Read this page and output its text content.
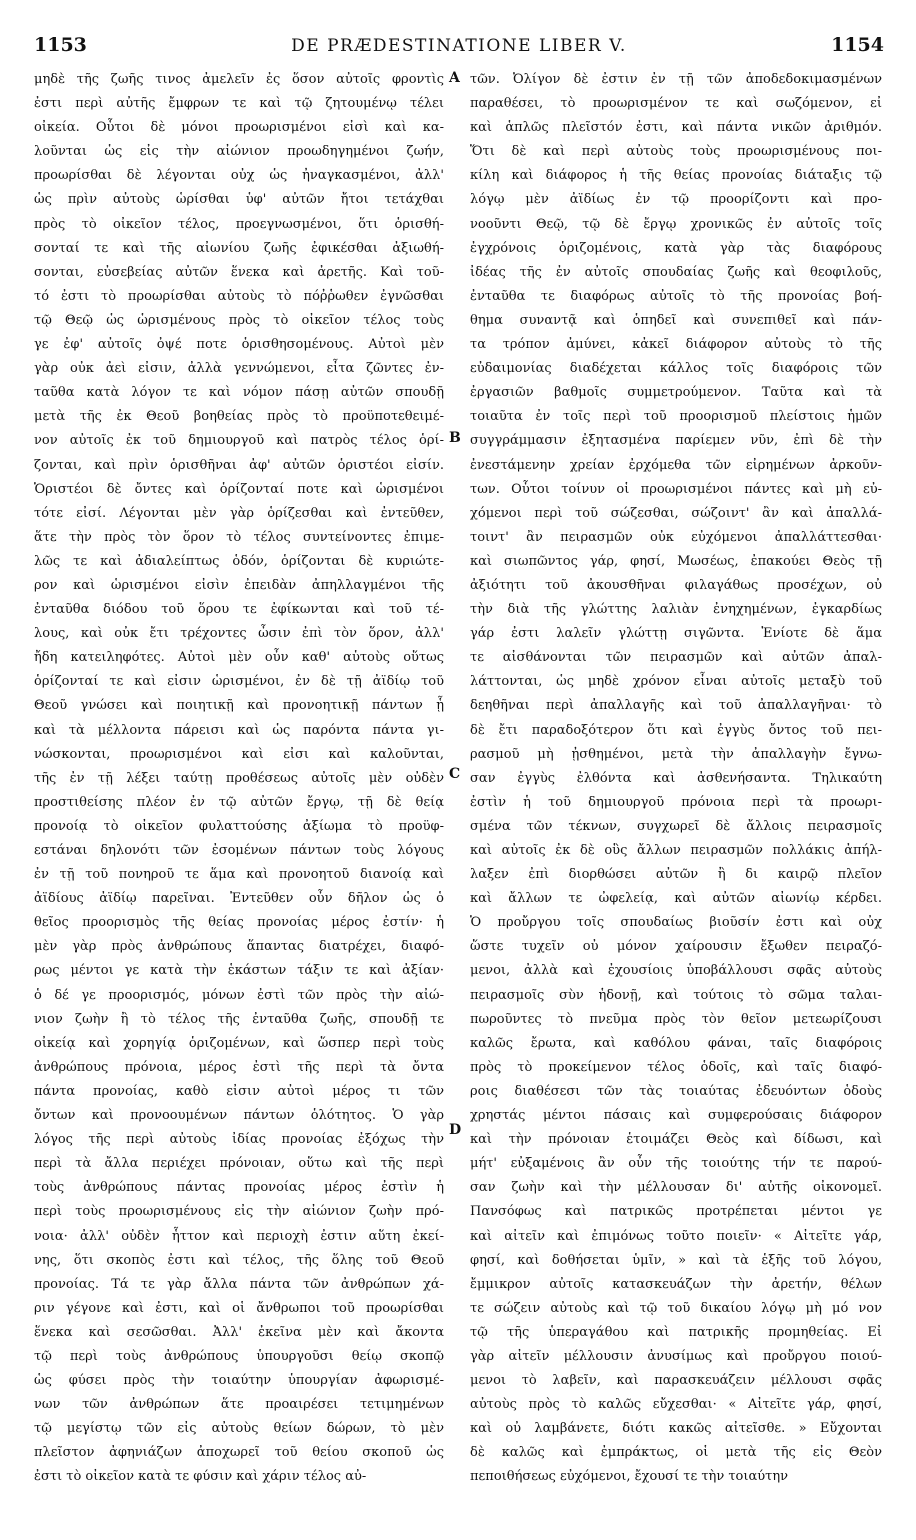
1153	DE PRÆDESTINATIONE LIBER V.	1154
μηδὲ τῆς ζωῆς τινος ἀμελεῖν ἐς ὅσον αὐτοῖς φροντὶς
ἐστι περὶ αὐτῆς ἔμφρων τε καὶ τῷ ζητουμένῳ τέλει
οἰκεία. Οὗτοι δὲ μόνοι προωρισμένοι εἰσὶ καὶ κα-
λοῦνται ὡς εἰς τὴν αἰώνιον προωδηγημένοι ζωήν,
προωρίσθαι δὲ λέγονται οὐχ ὡς ἠναγκασμένοι, ἀλλ'
ὡς πρὶν αὐτοὺς ὡρίσθαι ὑφ' αὐτῶν ἤτοι τετάχθαι
πρὸς τὸ οἰκεῖον τέλος, προεγνωσμένοι, ὅτι ὁρισθή-
σονταί τε καὶ τῆς αἰωνίου ζωῆς ἐφικέσθαι ἀξιωθή-
σονται, εὐσεβείας αὐτῶν ἕνεκα καὶ ἀρετῆς. Καὶ τοῦ-
τό ἐστι τὸ προωρίσθαι αὐτοὺς τὸ πόῤῥωθεν ἐγνῶσθαι
τῷ Θεῷ ὡς ὡρισμένους πρὸς τὸ οἰκεῖον τέλος τοὺς
γε ἐφ' αὐτοῖς ὀψέ ποτε ὁρισθησομένους. Αὐτοὶ μὲν
γὰρ οὐκ ἀεὶ εἰσιν, ἀλλὰ γεννώμενοι, εἶτα ζῶντες ἐν-
ταῦθα κατὰ λόγον τε καὶ νόμον πάσῃ αὐτῶν σπουδῇ
μετὰ τῆς ἐκ Θεοῦ βοηθείας πρὸς τὸ προϋποτεθειμέ-
νον αὐτοῖς ἐκ τοῦ δημιουργοῦ καὶ πατρὸς τέλος ὁρί-
ζονται, καὶ πρὶν ὁρισθῆναι ἀφ' αὐτῶν ὁριστέοι εἰσίν.
Ὁριστέοι δὲ ὄντες καὶ ὁρίζονταί ποτε καὶ ὡρισμένοι
τότε εἰσί. Λέγονται μὲν γὰρ ὁρίζεσθαι καὶ ἐντεῦθεν,
ἅτε τὴν πρὸς τὸν ὅρον τὸ τέλος συντείνοντες ἐπιμε-
λῶς τε καὶ ἀδιαλείπτως ὁδόν, ὁρίζονται δὲ κυριώτε-
ρον καὶ ὡρισμένοι εἰσὶν ἐπειδὰν ἀπηλλαγμένοι τῆς
ἐνταῦθα διόδου τοῦ ὅρου τε ἐφίκωνται καὶ τοῦ τέ-
λους, καὶ οὐκ ἔτι τρέχοντες ὦσιν ἐπὶ τὸν ὅρον, ἀλλ'
ἤδη κατειληφότες. Αὐτοὶ μὲν οὖν καθ' αὑτοὺς οὕτως
ὁρίζονταί τε καὶ εἰσιν ὡρισμένοι, ἐν δὲ τῇ ἀϊδίῳ τοῦ
Θεοῦ γνώσει καὶ ποιητικῇ καὶ προνοητικῇ πάντων ᾗ
καὶ τὰ μέλλοντα πάρεισι καὶ ὡς παρόντα πάντα γι-
νώσκονται, προωρισμένοι καὶ εἰσι καὶ καλοῦνται,
τῆς ἐν τῇ λέξει ταύτῃ προθέσεως αὐτοῖς μὲν οὐδὲν
προστιθείσης πλέον ἐν τῷ αὐτῶν ἔργῳ, τῇ δὲ θείᾳ
προνοίᾳ τὸ οἰκεῖον φυλαττούσης ἀξίωμα τὸ προϋφ-
εστάναι δηλονότι τῶν ἐσομένων πάντων τοὺς λόγους
ἐν τῇ τοῦ πονηροῦ τε ἅμα καὶ προνοητοῦ διανοίᾳ καὶ
ἀϊδίους ἀϊδίῳ παρεῖναι. Ἐντεῦθεν οὖν δῆλον ὡς ὁ
θεῖος προορισμὸς τῆς θείας προνοίας μέρος ἐστίν· ἡ
μὲν γὰρ πρὸς ἀνθρώπους ἅπαντας διατρέχει, διαφό-
ρως μέντοι γε κατὰ τὴν ἑκάστων τάξιν τε καὶ ἀξίαν·
ὁ δέ γε προορισμός, μόνων ἐστὶ τῶν πρὸς τὴν αἰώ-
νιον ζωὴν ἢ τὸ τέλος τῆς ἐνταῦθα ζωῆς, σπουδῇ τε
οἰκείᾳ καὶ χορηγίᾳ ὁριζομένων, καὶ ὥσπερ περὶ τοὺς
ἀνθρώπους πρόνοια, μέρος ἐστὶ τῆς περὶ τὰ ὄντα
πάντα προνοίας, καθὸ εἰσιν αὐτοὶ μέρος τι τῶν
ὄντων καὶ προνοουμένων πάντων ὁλότητος. Ὁ γὰρ
λόγος τῆς περὶ αὐτοὺς ἰδίας προνοίας ἐξόχως τὴν
περὶ τὰ ἄλλα περιέχει πρόνοιαν, οὕτω καὶ τῆς περὶ
τοὺς ἀνθρώπους πάντας προνοίας μέρος ἐστὶν ἡ
περὶ τοὺς προωρισμένους εἰς τὴν αἰώνιον ζωὴν πρό-
νοια· ἀλλ' οὐδὲν ἧττον καὶ περιοχὴ ἐστιν αὕτη ἐκεί-
νης, ὅτι σκοπὸς ἐστι καὶ τέλος, τῆς ὅλης τοῦ Θεοῦ
προνοίας. Τά τε γὰρ ἄλλα πάντα τῶν ἀνθρώπων χά-
ριν γέγονε καὶ ἐστι, καὶ οἱ ἄνθρωποι τοῦ προωρίσθαι
ἕνεκα καὶ σεσῶσθαι. Ἀλλ' ἐκεῖνα μὲν καὶ ἄκοντα
τῷ περὶ τοὺς ἀνθρώπους ὑπουργοῦσι θείῳ σκοπῷ
ὡς φύσει πρὸς τὴν τοιαύτην ὑπουργίαν ἀφωρισμέ-
νων τῶν ἀνθρώπων ἅτε προαιρέσει τετιμημένων
τῷ μεγίστῳ τῶν εἰς αὐτοὺς θείων δώρων, τὸ μὲν
πλεῖστον ἀφηνιάζων ἀποχωρεῖ τοῦ θείου σκοποῦ ὡς
ἐστι τὸ οἰκεῖον κατὰ τε φύσιν καὶ χάριν τέλος αὐ-
τῶν. Ὀλίγον δὲ ἐστιν ἐν τῇ τῶν ἀποδεδοκιμασμένων
παραθέσει, τὸ προωρισμένον τε καὶ σωζόμενον, εἰ
καὶ ἁπλῶς πλεῖστόν ἐστι, καὶ πάντα νικῶν ἀριθμόν.
Ὅτι δὲ καὶ περὶ αὐτοὺς τοὺς προωρισμένους ποι-
κίλη καὶ διάφορος ἡ τῆς θείας προνοίας διάταξις τῷ
λόγῳ μὲν ἀϊδίως ἐν τῷ προορίζοντι καὶ προ-
νοοῦντι Θεῷ, τῷ δὲ ἔργῳ χρονικῶς ἐν αὐτοῖς τοῖς
ἐγχρόνοις ὁριζομένοις, κατὰ γὰρ τὰς διαφόρους
ἰδέας τῆς ἐν αὐτοῖς σπουδαίας ζωῆς καὶ θεοφιλοῦς,
ἐνταῦθα τε διαφόρως αὐτοῖς τὸ τῆς προνοίας βοή-
θημα συναντᾷ καὶ ὁπηδεῖ καὶ συνεπιθεῖ καὶ πάν-
τα τρόπον ἀμύνει, κἀκεῖ διάφορον αὐτοὺς τὸ τῆς
εὐδαιμονίας διαδέχεται κάλλος τοῖς διαφόροις τῶν
ἐργασιῶν βαθμοῖς συμμετρούμενον. Ταῦτα καὶ τὰ
τοιαῦτα ἐν τοῖς περὶ τοῦ προορισμοῦ πλείστοις ἡμῶν
συγγράμμασιν ἐξητασμένα παρίεμεν νῦν, ἐπὶ δὲ τὴν
ἐνεστάμενην χρείαν ἐρχόμεθα τῶν εἰρημένων ἀρκοῦν-
των. Οὗτοι τοίνυν οἱ προωρισμένοι πάντες καὶ μὴ εὐ-
χόμενοι περὶ τοῦ σώζεσθαι, σώζοιντ' ἂν καὶ ἀπαλλά-
τοιντ' ἂν πειρασμῶν οὐκ εὐχόμενοι ἀπαλλάττεσθαι·
καὶ σιωπῶντος γάρ, φησί, Μωσέως, ἐπακούει Θεὸς τῇ
ἀξιότητι τοῦ ἀκουσθῆναι φιλαγάθως προσέχων, οὐ
τὴν διὰ τῆς γλώττης λαλιὰν ἐνηχημένων, ἐγκαρδίως
γάρ ἐστι λαλεῖν γλώττῃ σιγῶντα. Ἐνίοτε δὲ ἅμα
τε αἰσθάνονται τῶν πειρασμῶν καὶ αὐτῶν ἀπαλ-
λάττονται, ὡς μηδὲ χρόνον εἶναι αὐτοῖς μεταξὺ τοῦ
δεηθῆναι περὶ ἀπαλλαγῆς καὶ τοῦ ἀπαλλαγῆναι· τὸ
δὲ ἔτι παραδοξότερον ὅτι καὶ ἐγγὺς ὄντος τοῦ πει-
ρασμοῦ μὴ ᾐσθημένοι, μετὰ τὴν ἀπαλλαγὴν ἔγνω-
σαν ἐγγὺς ἐλθόντα καὶ ἀσθενήσαντα. Τηλικαύτη
ἐστὶν ἡ τοῦ δημιουργοῦ πρόνοια περὶ τὰ προωρι-
σμένα τῶν τέκνων, συγχωρεῖ δὲ ἄλλοις πειρασμοῖς
καὶ αὐτοῖς ἐκ δὲ οὓς ἄλλων πειρασμῶν πολλάκις ἀπήλ-
λαξεν ἐπὶ διορθώσει αὐτῶν ἢ δι καιρῷ πλεῖον
καὶ ἄλλων τε ὠφελείᾳ, καὶ αὐτῶν αἰωνίῳ κέρδει.
Ὁ προὔργου τοῖς σπουδαίως βιοῦσίν ἐστι καὶ οὐχ
ὥστε τυχεῖν οὐ μόνον χαίρουσιν ἔξωθεν πειραζό-
μενοι, ἀλλὰ καὶ ἐχουσίοις ὑποβάλλουσι σφᾶς αὐτοὺς
πειρασμοῖς σὺν ἡδονῇ, καὶ τούτοις τὸ σῶμα ταλαι-
πωροῦντες τὸ πνεῦμα πρὸς τὸν θεῖον μετεωρίζουσι
καλῶς ἔρωτα, καὶ καθόλου φάναι, ταῖς διαφόροις
πρὸς τὸ προκείμενον τέλος ὁδοῖς, καὶ ταῖς διαφό-
ροις διαθέσεσι τῶν τὰς τοιαύτας ἐδευόντων ὁδοὺς
χρηστάς μέντοι πάσαις καὶ συμφερούσαις διάφορον
καὶ τὴν πρόνοιαν ἑτοιμάζει Θεὸς καὶ δίδωσι, καὶ
μήτ' εὐξαμένοις ἂν οὖν τῆς τοιούτης τήν τε παρού-
σαν ζωὴν καὶ τὴν μέλλουσαν δι' αὐτῆς οἰκονομεῖ.
Πανσόφως καὶ πατρικῶς προτρέπεται μέντοι γε
καὶ αἰτεῖν καὶ ἐπιμόνως τοῦτο ποιεῖν· « Αἰτεῖτε γάρ,
φησί, καὶ δοθήσεται ὑμῖν, » καὶ τὰ ἑξῆς τοῦ λόγου,
ἔμμικρον αὐτοῖς κατασκευάζων τὴν ἀρετήν, θέλων
τε σώζειν αὐτοὺς καὶ τῷ τοῦ δικαίου λόγῳ μὴ μό νον
τῷ τῆς ὑπεραγάθου καὶ πατρικῆς προμηθείας. Εἰ
γὰρ αἰτεῖν μέλλουσιν ἀνυσίμως καὶ προὔργου ποιού-
μενοι τὸ λαβεῖν, καὶ παρασκευάζειν μέλλουσι σφᾶς
αὐτοὺς πρὸς τὸ καλῶς εὔχεσθαι· « Αἰτεῖτε γάρ, φησί,
καὶ οὐ λαμβάνετε, διότι κακῶς αἰτεῖσθε. » Εὔχονται
δὲ καλῶς καὶ ἐμπράκτως, οἱ μετὰ τῆς εἰς Θεὸν
πεποιθήσεως εὐχόμενοι, ἔχουσί τε τὴν τοιαύτην
A
B
C
D
